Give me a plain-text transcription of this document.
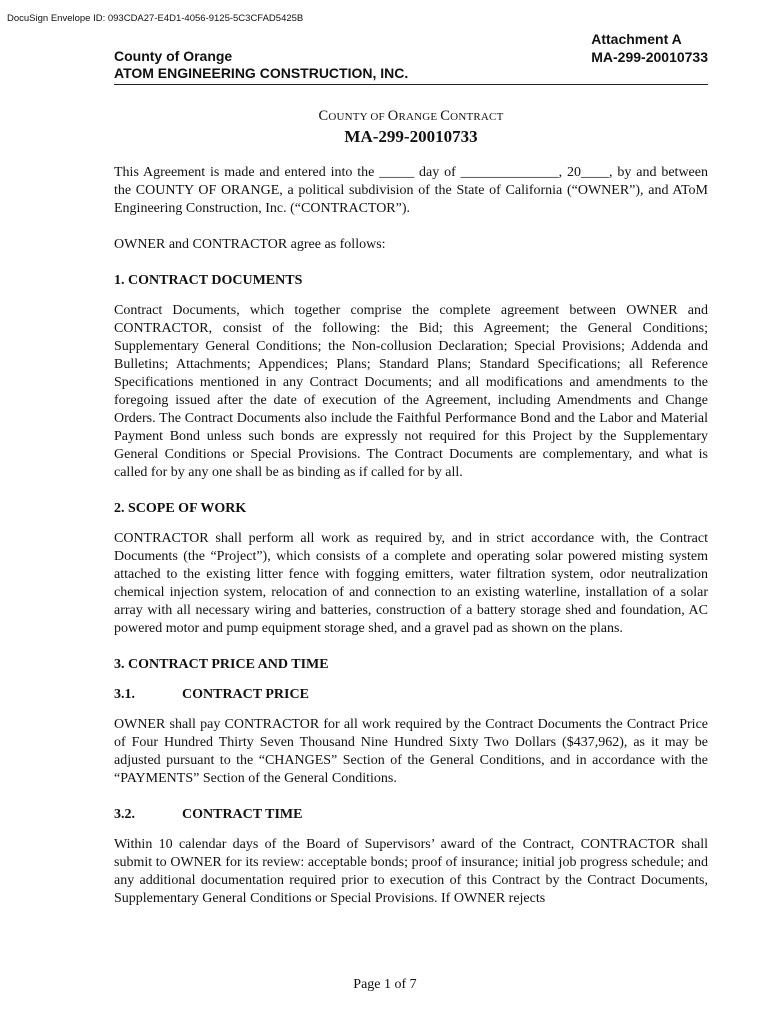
DocuSign Envelope ID: 093CDA27-E4D1-4056-9125-5C3CFAD5425B
Attachment A
MA-299-20010733
County of Orange
ATOM ENGINEERING CONSTRUCTION, INC.
COUNTY OF ORANGE CONTRACT
MA-299-20010733

This Agreement is made and entered into the _____ day of ______________, 20____, by and between the COUNTY OF ORANGE, a political subdivision of the State of California (“OWNER”), and AToM Engineering Construction, Inc. (“CONTRACTOR”).

OWNER and CONTRACTOR agree as follows:

1. CONTRACT DOCUMENTS

Contract Documents, which together comprise the complete agreement between OWNER and CONTRACTOR, consist of the following: the Bid; this Agreement; the General Conditions; Supplementary General Conditions; the Non-collusion Declaration; Special Provisions; Addenda and Bulletins; Attachments; Appendices; Plans; Standard Plans; Standard Specifications; all Reference Specifications mentioned in any Contract Documents; and all modifications and amendments to the foregoing issued after the date of execution of the Agreement, including Amendments and Change Orders. The Contract Documents also include the Faithful Performance Bond and the Labor and Material Payment Bond unless such bonds are expressly not required for this Project by the Supplementary General Conditions or Special Provisions. The Contract Documents are complementary, and what is called for by any one shall be as binding as if called for by all.

2. SCOPE OF WORK

CONTRACTOR shall perform all work as required by, and in strict accordance with, the Contract Documents (the “Project”), which consists of a complete and operating solar powered misting system attached to the existing litter fence with fogging emitters, water filtration system, odor neutralization chemical injection system, relocation of and connection to an existing waterline, installation of a solar array with all necessary wiring and batteries, construction of a battery storage shed and foundation, AC powered motor and pump equipment storage shed, and a gravel pad as shown on the plans.

3. CONTRACT PRICE AND TIME

3.1.	CONTRACT PRICE

OWNER shall pay CONTRACTOR for all work required by the Contract Documents the Contract Price of Four Hundred Thirty Seven Thousand Nine Hundred Sixty Two Dollars ($437,962), as it may be adjusted pursuant to the “CHANGES” Section of the General Conditions, and in accordance with the “PAYMENTS” Section of the General Conditions.

3.2.	CONTRACT TIME

Within 10 calendar days of the Board of Supervisors’ award of the Contract, CONTRACTOR shall submit to OWNER for its review: acceptable bonds; proof of insurance; initial job progress schedule; and any additional documentation required prior to execution of this Contract by the Contract Documents, Supplementary General Conditions or Special Provisions. If OWNER rejects

Page 1 of 7
